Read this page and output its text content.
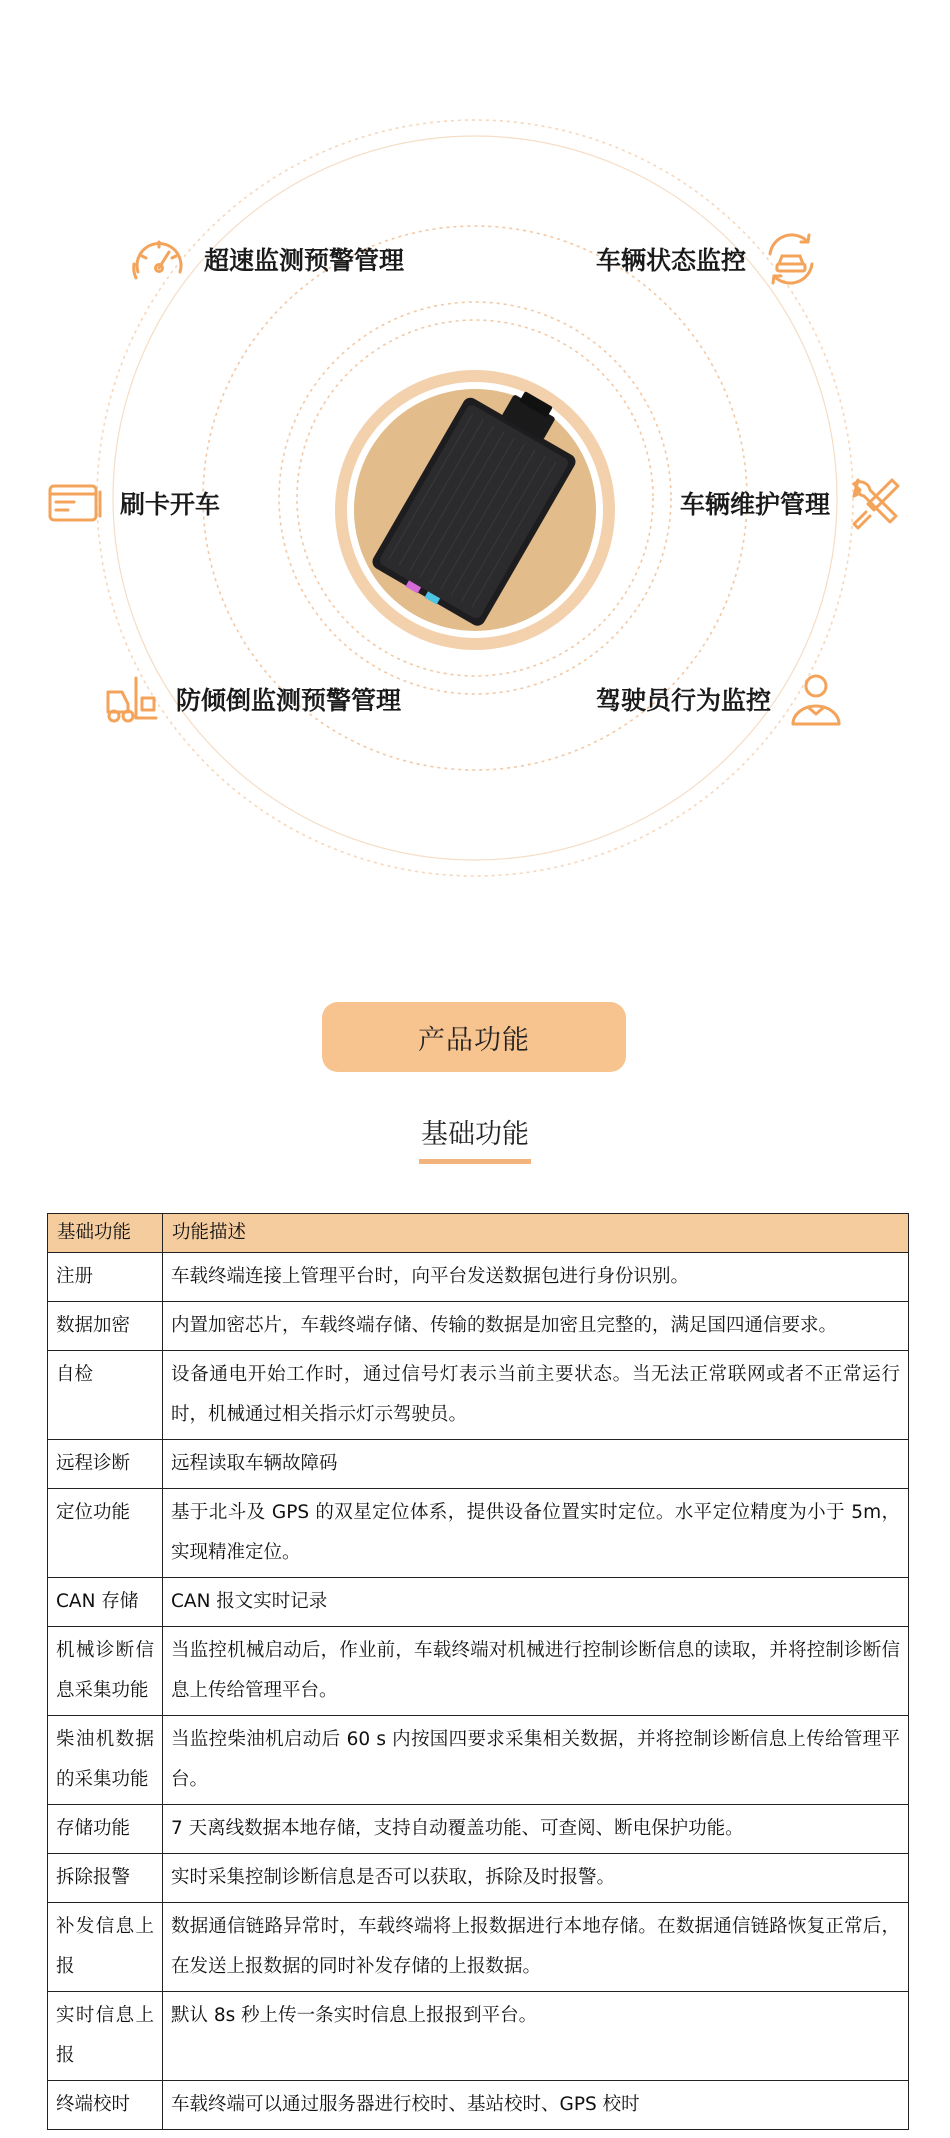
超速监测预警管理	车辆状态监控
刷卡开车	车辆维护管理
防倾倒监测预警管理	驾驶员行为监控
产品功能
基础功能
基础功能	功能描述
注册	车载终端连接上管理平台时，向平台发送数据包进行身份识别。
数据加密	内置加密芯片，车载终端存储、传输的数据是加密且完整的，满足国四通信要求。
自检	设备通电开始工作时，通过信号灯表示当前主要状态。当无法正常联网或者不正常运行时，机械通过相关指示灯示驾驶员。
远程诊断	远程读取车辆故障码
定位功能	基于北斗及 GPS 的双星定位体系，提供设备位置实时定位。水平定位精度为小于 5m，实现精准定位。
CAN 存储	CAN 报文实时记录
机械诊断信息采集功能	当监控机械启动后，作业前，车载终端对机械进行控制诊断信息的读取，并将控制诊断信息上传给管理平台。
柴油机数据的采集功能	当监控柴油机启动后 60 s 内按国四要求采集相关数据，并将控制诊断信息上传给管理平台。
存储功能	7 天离线数据本地存储，支持自动覆盖功能、可查阅、断电保护功能。
拆除报警	实时采集控制诊断信息是否可以获取，拆除及时报警。
补发信息上报	数据通信链路异常时，车载终端将上报数据进行本地存储。在数据通信链路恢复正常后，在发送上报数据的同时补发存储的上报数据。
实时信息上报	默认 8s 秒上传一条实时信息上报报到平台。
终端校时	车载终端可以通过服务器进行校时、基站校时、GPS 校时
